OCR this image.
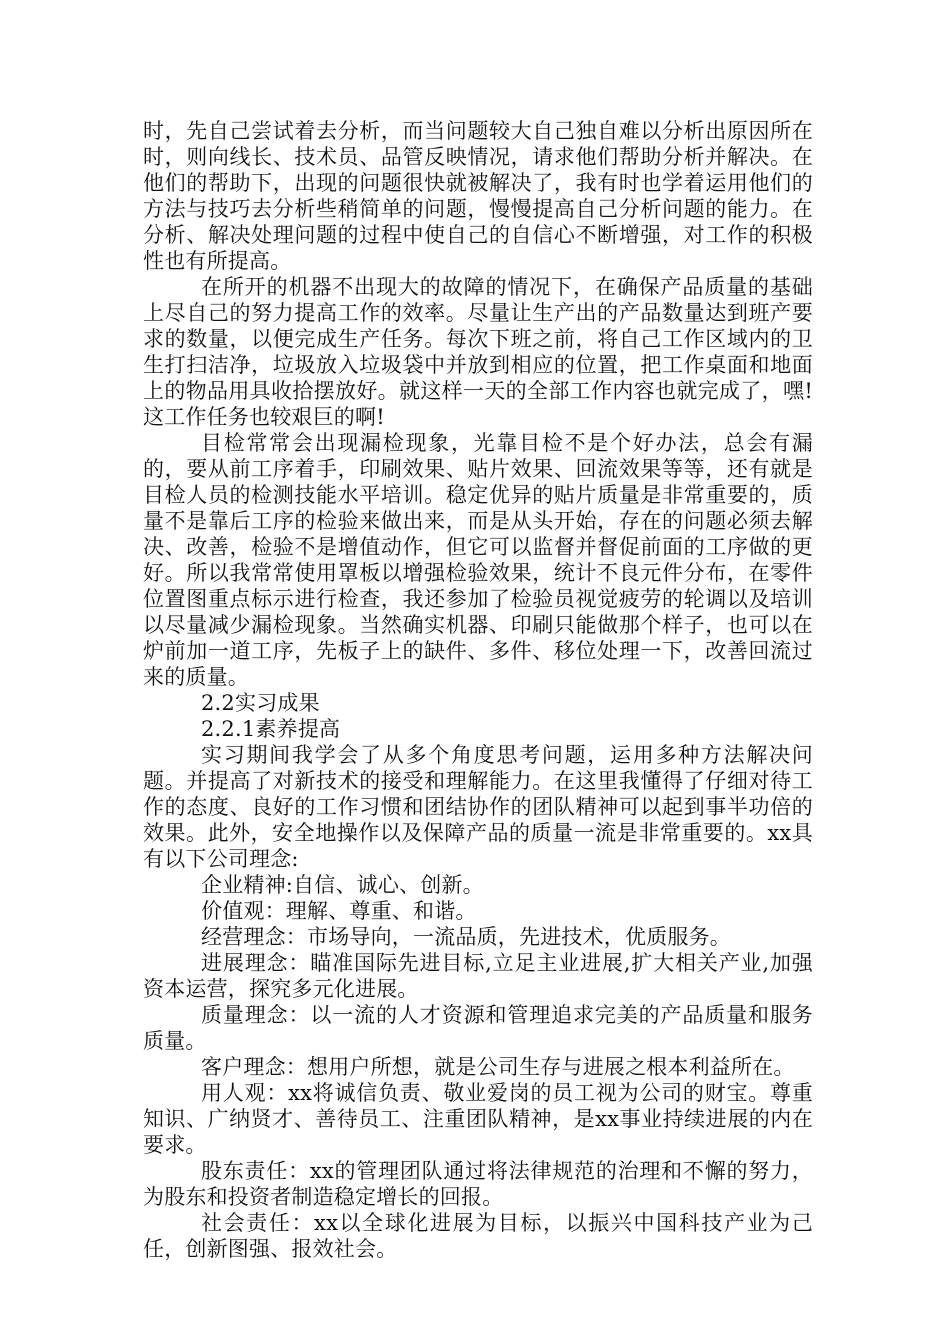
时，先自己尝试着去分析，而当问题较大自己独自难以分析出原因所在时，则向线长、技术员、品管反映情况，请求他们帮助分析并解决。在他们的帮助下，出现的问题很快就被解决了，我有时也学着运用他们的方法与技巧去分析些稍简单的问题，慢慢提高自己分析问题的能力。在分析、解决处理问题的过程中使自己的自信心不断增强，对工作的积极性也有所提高。

在所开的机器不出现大的故障的情况下，在确保产品质量的基础上尽自己的努力提高工作的效率。尽量让生产出的产品数量达到班产要求的数量，以便完成生产任务。每次下班之前，将自己工作区域内的卫生打扫洁净，垃圾放入垃圾袋中并放到相应的位置，把工作桌面和地面上的物品用具收拾摆放好。就这样一天的全部工作内容也就完成了，嘿!这工作任务也较艰巨的啊!

目检常常会出现漏检现象，光靠目检不是个好办法，总会有漏的，要从前工序着手，印刷效果、贴片效果、回流效果等等，还有就是目检人员的检测技能水平培训。稳定优异的贴片质量是非常重要的，质量不是靠后工序的检验来做出来，而是从头开始，存在的问题必须去解决、改善，检验不是增值动作，但它可以监督并督促前面的工序做的更好。所以我常常使用罩板以增强检验效果，统计不良元件分布，在零件位置图重点标示进行检查，我还参加了检验员视觉疲劳的轮调以及培训以尽量减少漏检现象。当然确实机器、印刷只能做那个样子，也可以在炉前加一道工序，先板子上的缺件、多件、移位处理一下，改善回流过来的质量。

2.2实习成果

2.2.1素养提高

实习期间我学会了从多个角度思考问题，运用多种方法解决问题。并提高了对新技术的接受和理解能力。在这里我懂得了仔细对待工作的态度、良好的工作习惯和团结协作的团队精神可以起到事半功倍的效果。此外，安全地操作以及保障产品的质量一流是非常重要的。xx具有以下公司理念:

企业精神:自信、诚心、创新。

价值观：理解、尊重、和谐。

经营理念：市场导向，一流品质，先进技术，优质服务。

进展理念：瞄准国际先进目标,立足主业进展,扩大相关产业,加强资本运营，探究多元化进展。

质量理念：以一流的人才资源和管理追求完美的产品质量和服务质量。

客户理念：想用户所想，就是公司生存与进展之根本利益所在。

用人观：xx将诚信负责、敬业爱岗的员工视为公司的财宝。尊重知识、广纳贤才、善待员工、注重团队精神，是xx事业持续进展的内在要求。

股东责任：xx的管理团队通过将法律规范的治理和不懈的努力，为股东和投资者制造稳定增长的回报。

社会责任：xx以全球化进展为目标，以振兴中国科技产业为己任，创新图强、报效社会。
